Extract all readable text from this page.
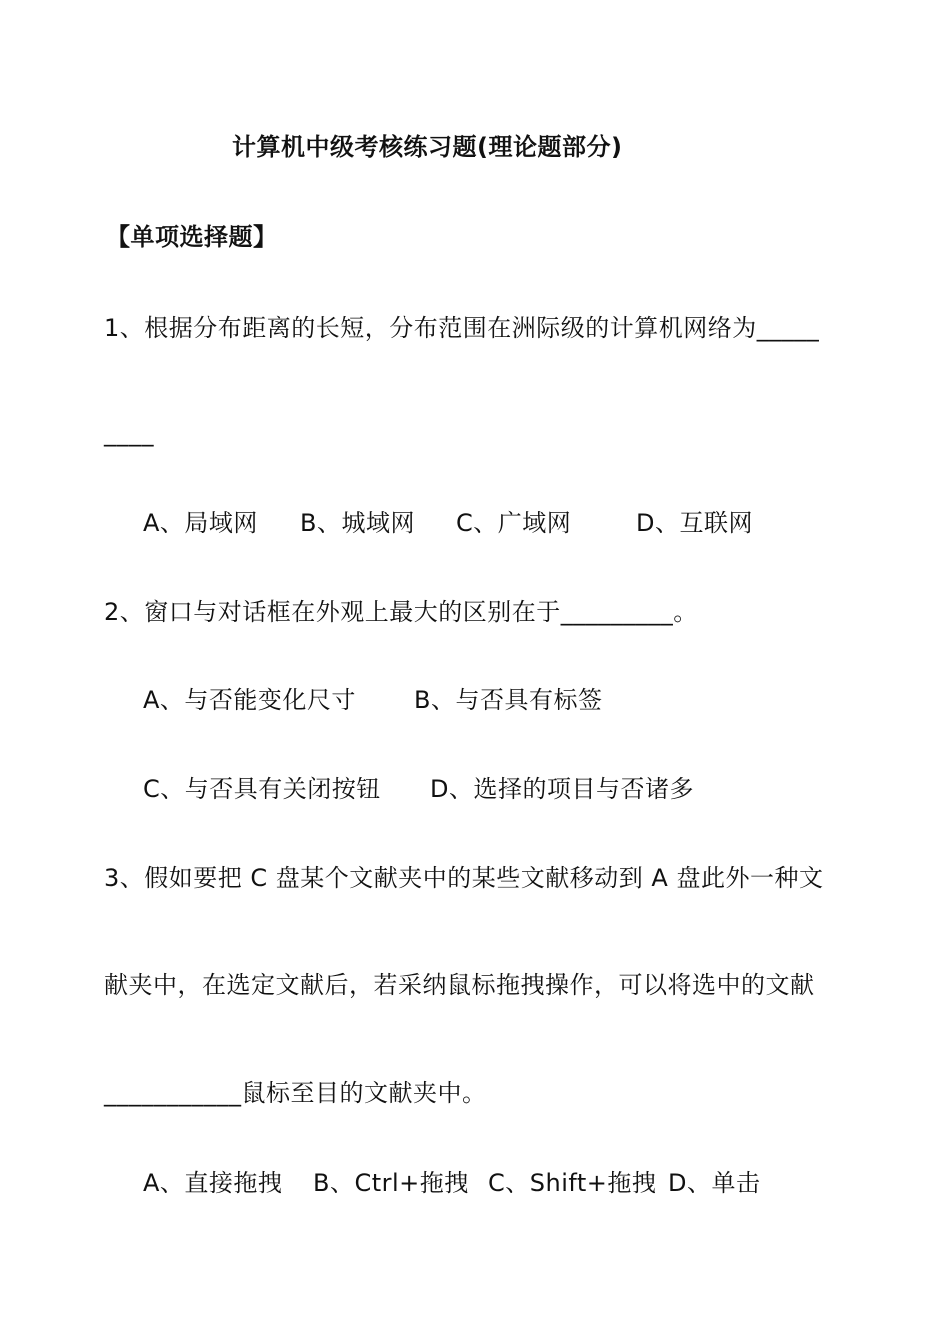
计算机中级考核练习题(理论题部分)
【单项选择题】
1、根据分布距离的长短，分布范围在洲际级的计算机网络为_____
____
A、局域网 B、城域网 C、广域网	D、互联网
2、窗口与对话框在外观上最大的区别在于_________。
A、与否能变化尺寸 B、与否具有标签
C、与否具有关闭按钮 D、选择的项目与否诸多
3、假如要把 C 盘某个文献夹中的某些文献移动到 A 盘此外一种文
献夹中，在选定文献后，若采纳鼠标拖拽操作，可以将选中的文献
___________鼠标至目的文献夹中。
A、直接拖拽 B、Ctrl+拖拽 C、Shift+拖拽 D、单击
